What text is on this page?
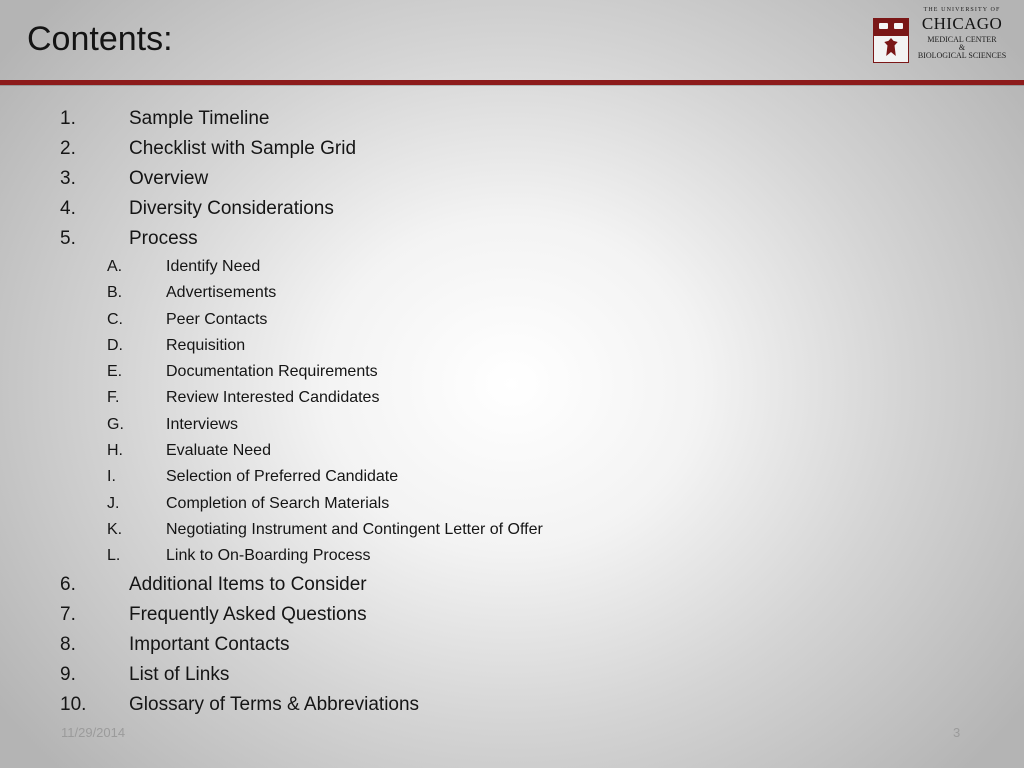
Contents:
THE UNIVERSITY OF
CHICAGO
MEDICAL CENTER
&
BIOLOGICAL SCIENCES
1.	Sample Timeline
2.	Checklist with Sample Grid
3.	Overview
4.	Diversity Considerations
5.	Process
A.	Identify Need
B.	Advertisements
C.	Peer Contacts
D.	Requisition
E.	Documentation Requirements
F.	Review Interested Candidates
G.	Interviews
H.	Evaluate Need
I.	Selection of Preferred Candidate
J.	Completion of Search Materials
K.	Negotiating Instrument and Contingent Letter of Offer
L.	Link to On-Boarding Process
6.	Additional Items to Consider
7.	Frequently Asked Questions
8.	Important Contacts
9.	List of Links
10. Glossary of Terms & Abbreviations
11/29/2014	3
